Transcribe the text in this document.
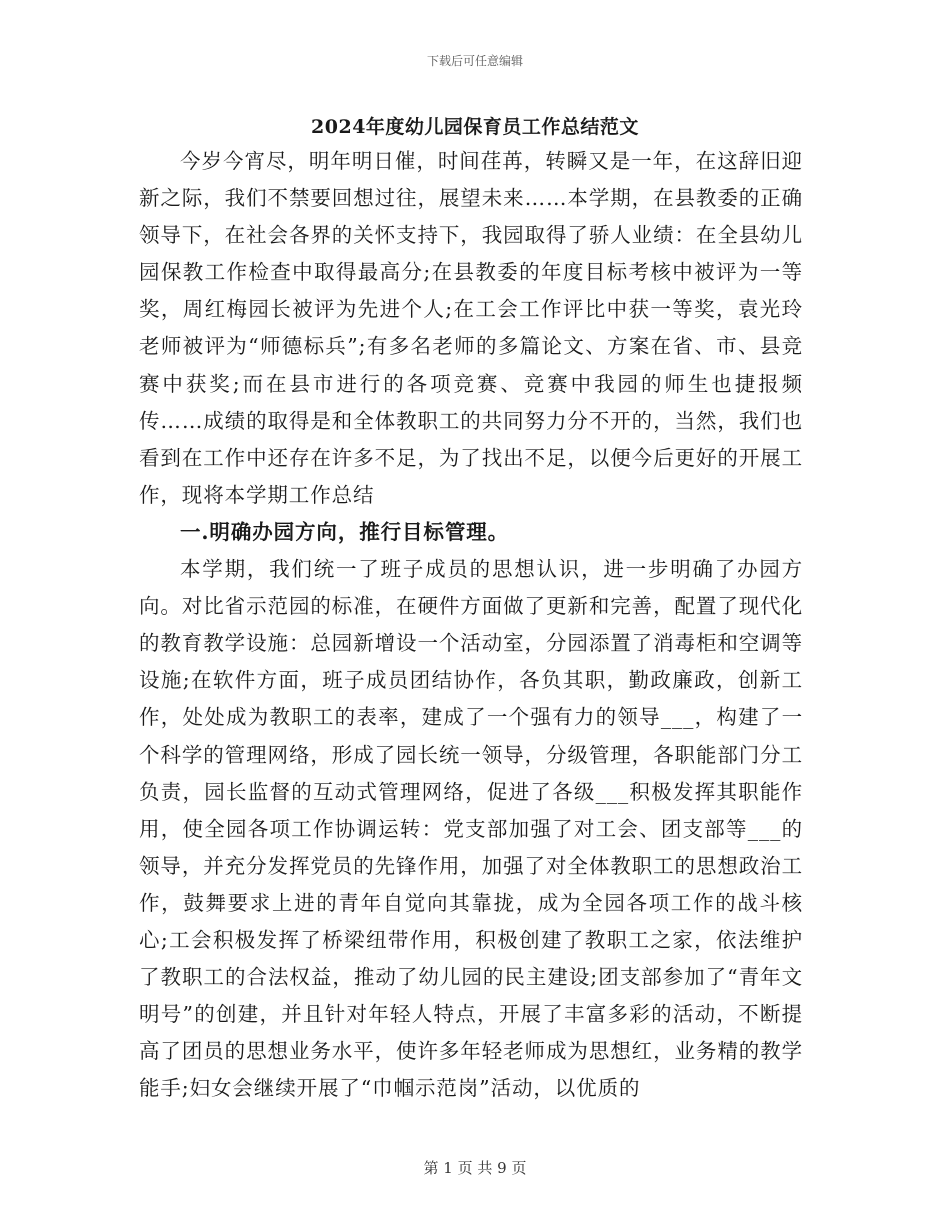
下载后可任意编辑
2024年度幼儿园保育员工作总结范文

今岁今宵尽，明年明日催，时间荏苒，转瞬又是一年，在这辞旧迎新之际，我们不禁要回想过往，展望未来……本学期，在县教委的正确领导下，在社会各界的关怀支持下，我园取得了骄人业绩：在全县幼儿园保教工作检查中取得最高分;在县教委的年度目标考核中被评为一等奖，周红梅园长被评为先进个人;在工会工作评比中获一等奖，袁光玲老师被评为“师德标兵”;有多名老师的多篇论文、方案在省、市、县竞赛中获奖;而在县市进行的各项竞赛、竞赛中我园的师生也捷报频传……成绩的取得是和全体教职工的共同努力分不开的，当然，我们也看到在工作中还存在许多不足，为了找出不足，以便今后更好的开展工作，现将本学期工作总结

一.明确办园方向，推行目标管理。

本学期，我们统一了班子成员的思想认识，进一步明确了办园方向。对比省示范园的标准，在硬件方面做了更新和完善，配置了现代化的教育教学设施：总园新增设一个活动室，分园添置了消毒柜和空调等设施;在软件方面，班子成员团结协作，各负其职，勤政廉政，创新工作，处处成为教职工的表率，建成了一个强有力的领导___，构建了一个科学的管理网络，形成了园长统一领导，分级管理，各职能部门分工负责，园长监督的互动式管理网络，促进了各级___积极发挥其职能作用，使全园各项工作协调运转：党支部加强了对工会、团支部等___的领导，并充分发挥党员的先锋作用，加强了对全体教职工的思想政治工作，鼓舞要求上进的青年自觉向其靠拢，成为全园各项工作的战斗核心;工会积极发挥了桥梁纽带作用，积极创建了教职工之家，依法维护了教职工的合法权益，推动了幼儿园的民主建设;团支部参加了“青年文明号”的创建，并且针对年轻人特点，开展了丰富多彩的活动，不断提高了团员的思想业务水平，使许多年轻老师成为思想红，业务精的教学能手;妇女会继续开展了“巾帼示范岗”活动，以优质的

第 1 页 共 9 页
